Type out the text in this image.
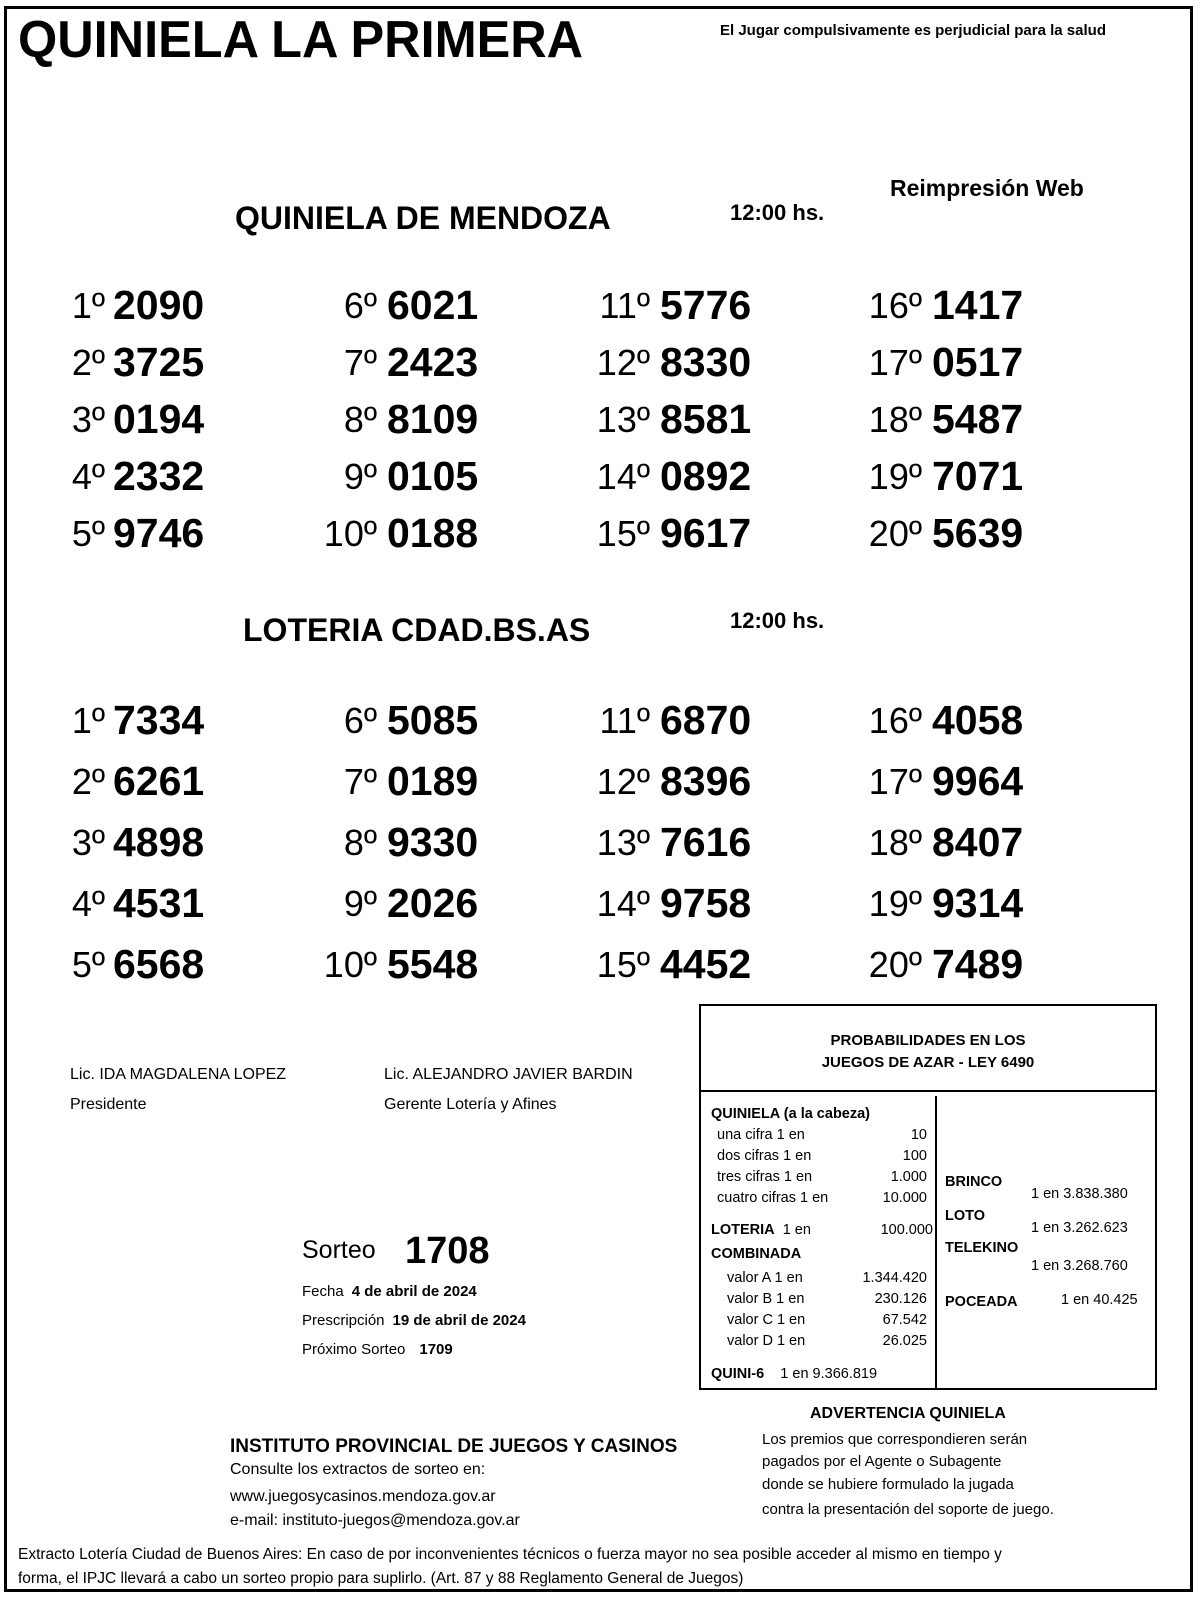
QUINIELA LA PRIMERA	El Jugar compulsivamente es perjudicial para la salud
Reimpresión Web
QUINIELA DE MENDOZA	12:00 hs.
1º 2090
2º 3725
3º 0194
4º 2332
5º 9746
6º 6021
7º 2423
8º 8109
9º 0105
10º 0188
11º 5776
12º 8330
13º 8581
14º 0892
15º 9617
16º 1417
17º 0517
18º 5487
19º 7071
20º 5639
LOTERIA CDAD.BS.AS	12:00 hs.
1º 7334
2º 6261
3º 4898
4º 4531
5º 6568
6º 5085
7º 0189
8º 9330
9º 2026
10º 5548
11º 6870
12º 8396
13º 7616
14º 9758
15º 4452
16º 4058
17º 9964
18º 8407
19º 9314
20º 7489
Lic. IDA MAGDALENA LOPEZ
Presidente
Lic. ALEJANDRO JAVIER BARDIN
Gerente Lotería y Afines
Sorteo 1708
Fecha 4 de abril de 2024
Prescripción 19 de abril de 2024
Próximo Sorteo 1709
PROBABILIDADES EN LOS
JUEGOS DE AZAR - LEY 6490
QUINIELA (a la cabeza)
una cifra 1 en	10
dos cifras 1 en	100
tres cifras 1 en	1.000
cuatro cifras 1 en	10.000
LOTERIA 1 en	100.000
COMBINADA
valor A 1 en	1.344.420
valor B 1 en	230.126
valor C 1 en	67.542
valor D 1 en	26.025
QUINI-6 1 en 9.366.819
BRINCO
1 en 3.838.380
LOTO
1 en 3.262.623
TELEKINO
1 en 3.268.760
POCEADA	1 en 40.425
INSTITUTO PROVINCIAL DE JUEGOS Y CASINOS
Consulte los extractos de sorteo en:
www.juegosycasinos.mendoza.gov.ar
e-mail: instituto-juegos@mendoza.gov.ar
ADVERTENCIA QUINIELA
Los premios que correspondieren serán
pagados por el Agente o Subagente
donde se hubiere formulado la jugada
contra la presentación del soporte de juego.
Extracto Lotería Ciudad de Buenos Aires: En caso de por inconvenientes técnicos o fuerza mayor no sea posible acceder al mismo en tiempo y
forma, el IPJC llevará a cabo un sorteo propio para suplirlo. (Art. 87 y 88 Reglamento General de Juegos)
